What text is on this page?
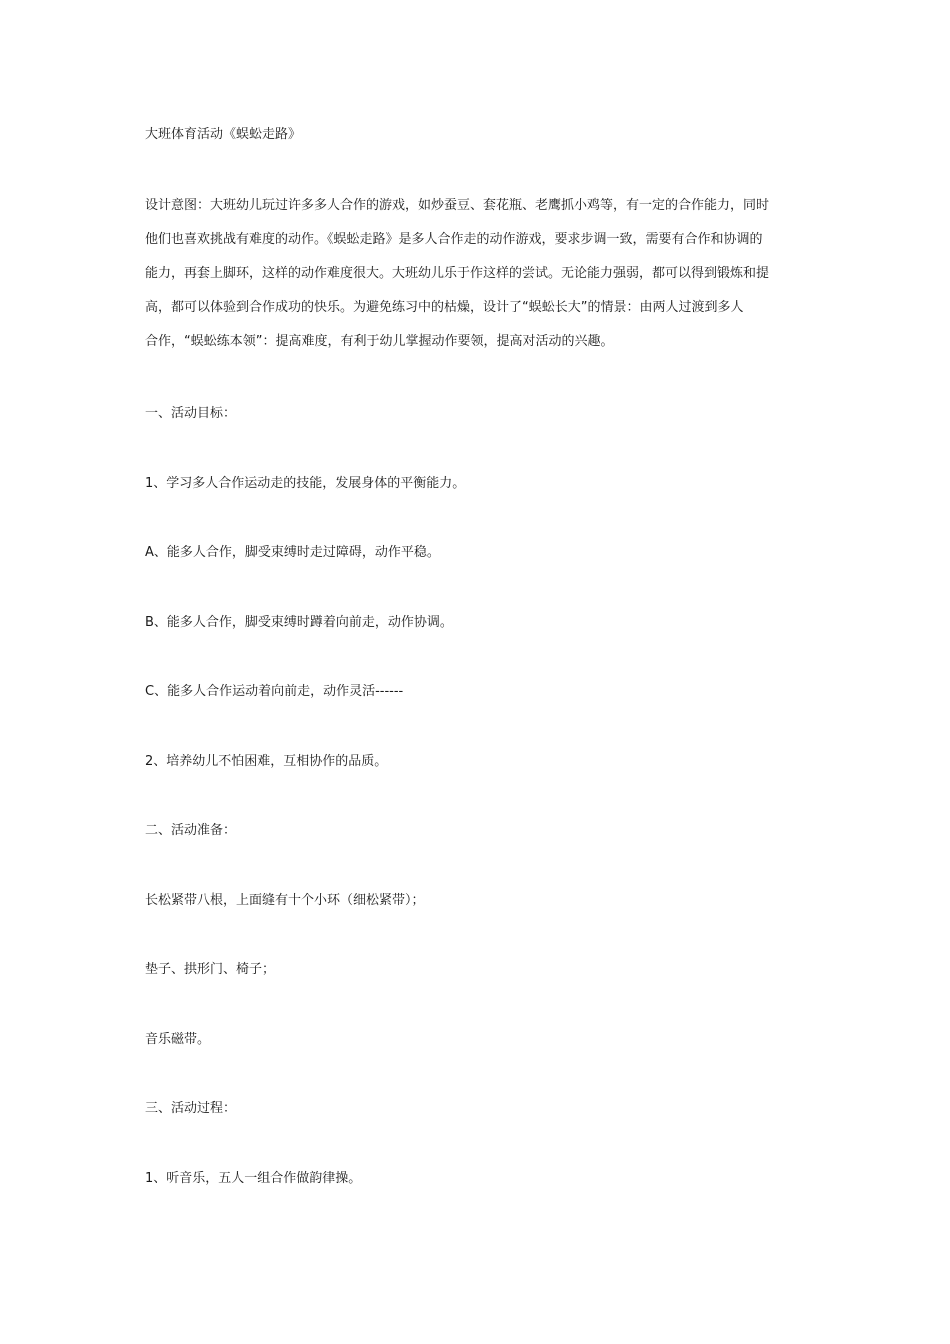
大班体育活动《蜈蚣走路》

设计意图：大班幼儿玩过许多多人合作的游戏，如炒蚕豆、套花瓶、老鹰抓小鸡等，有一定的合作能力，同时
他们也喜欢挑战有难度的动作。《蜈蚣走路》是多人合作走的动作游戏，要求步调一致，需要有合作和协调的
能力，再套上脚环，这样的动作难度很大。大班幼儿乐于作这样的尝试。无论能力强弱，都可以得到锻炼和提
高，都可以体验到合作成功的快乐。为避免练习中的枯燥，设计了“蜈蚣长大”的情景：由两人过渡到多人
合作，“蜈蚣练本领”：提高难度，有利于幼儿掌握动作要领，提高对活动的兴趣。

一、活动目标：

1、学习多人合作运动走的技能，发展身体的平衡能力。

A、能多人合作，脚受束缚时走过障碍，动作平稳。

B、能多人合作，脚受束缚时蹲着向前走，动作协调。

C、能多人合作运动着向前走，动作灵活------

2、培养幼儿不怕困难，互相协作的品质。

二、活动准备：

长松紧带八根，上面缝有十个小环（细松紧带）；

垫子、拱形门、椅子；

音乐磁带。

三、活动过程：

1、听音乐，五人一组合作做韵律操。
